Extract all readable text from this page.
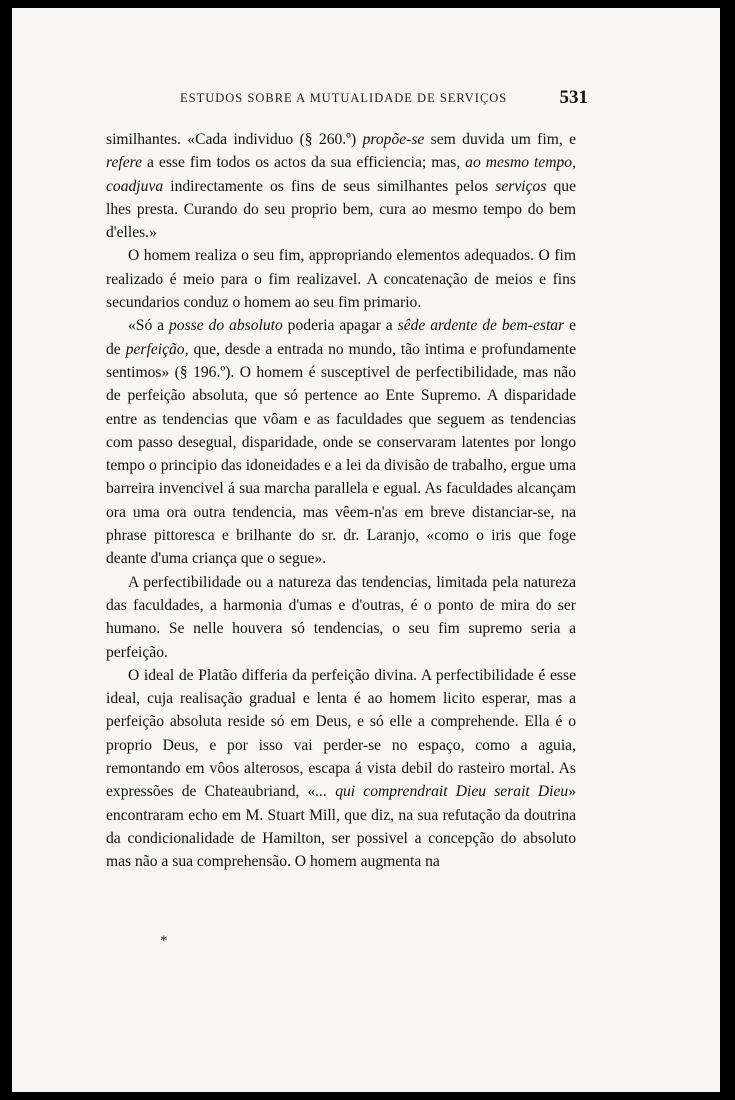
ESTUDOS SOBRE A MUTUALIDADE DE SERVIÇOS	531

similhantes. «Cada individuo (§ 260.º) propõe-se sem duvida um fim, e refere a esse fim todos os actos da sua efficiencia; mas, ao mesmo tempo, coadjuva indirectamente os fins de seus similhantes pelos serviços que lhes presta. Curando do seu proprio bem, cura ao mesmo tempo do bem d'elles.»

O homem realiza o seu fim, appropriando elementos adequados. O fim realizado é meio para o fim realizavel. A concatenação de meios e fins secundarios conduz o homem ao seu fim primario.

«Só a posse do absoluto poderia apagar a sêde ardente de bem-estar e de perfeição, que, desde a entrada no mundo, tão intima e profundamente sentimos» (§ 196.º). O homem é susceptivel de perfectibilidade, mas não de perfeição absoluta, que só pertence ao Ente Supremo. A disparidade entre as tendencias que vôam e as faculdades que seguem as tendencias com passo desegual, disparidade, onde se conservaram latentes por longo tempo o principio das idoneidades e a lei da divisão de trabalho, ergue uma barreira invencivel á sua marcha parallela e egual. As faculdades alcançam ora uma ora outra tendencia, mas vêem-n'as em breve distanciar-se, na phrase pittoresca e brilhante do sr. dr. Laranjo, «como o iris que foge deante d'uma criança que o segue».

A perfectibilidade ou a natureza das tendencias, limitada pela natureza das faculdades, a harmonia d'umas e d'outras, é o ponto de mira do ser humano. Se nelle houvera só tendencias, o seu fim supremo seria a perfeição.

O ideal de Platão differia da perfeição divina. A perfectibilidade é esse ideal, cuja realisação gradual e lenta é ao homem licito esperar, mas a perfeição absoluta reside só em Deus, e só elle a comprehende. Ella é o proprio Deus, e por isso vai perder-se no espaço, como a aguia, remontando em vôos alterosos, escapa á vista debil do rasteiro mortal. As expressões de Chateaubriand, «... qui comprendrait Dieu serait Dieu» encontraram echo em M. Stuart Mill, que diz, na sua refutação da doutrina da condicionalidade de Hamilton, ser possivel a concepção do absoluto mas não a sua comprehensão. O homem augmenta na

*
